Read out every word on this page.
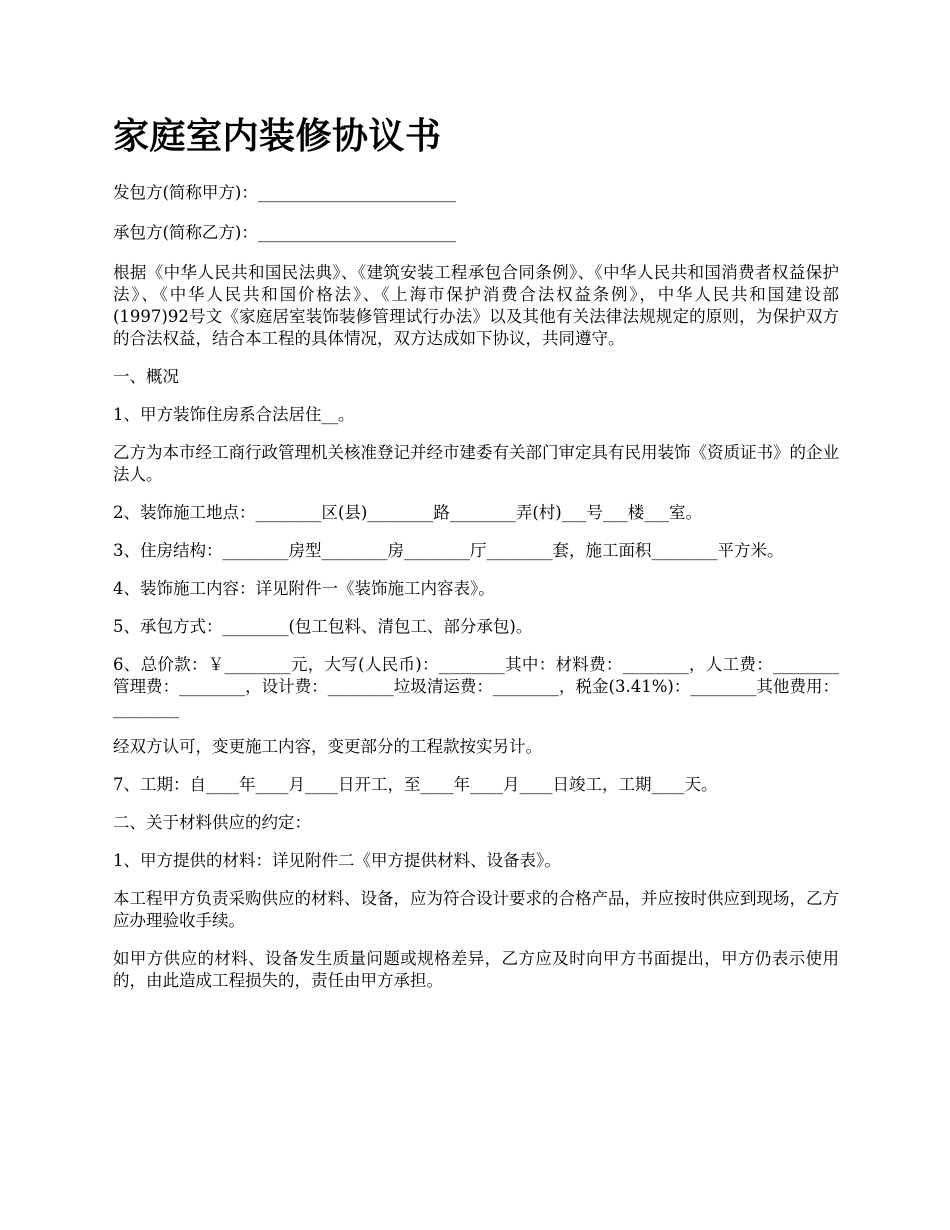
家庭室内装修协议书

发包方(简称甲方)：________________________

承包方(简称乙方)：________________________

根据《中华人民共和国民法典》、《建筑安装工程承包合同条例》、《中华人民共和国消费者权益保护法》、《中华人民共和国价格法》、《上海市保护消费合法权益条例》，中华人民共和国建设部(1997)92号文《家庭居室装饰装修管理试行办法》以及其他有关法律法规规定的原则，为保护双方的合法权益，结合本工程的具体情况，双方达成如下协议，共同遵守。

一、概况

1、甲方装饰住房系合法居住__。

乙方为本市经工商行政管理机关核准登记并经市建委有关部门审定具有民用装饰《资质证书》的企业法人。

2、装饰施工地点：________区(县)________路________弄(村)___号___楼___室。

3、住房结构：________房型________房________厅________套，施工面积________平方米。

4、装饰施工内容：详见附件一《装饰施工内容表》。

5、承包方式：________(包工包料、清包工、部分承包)。

6、总价款：￥________元，大写(人民币)：________其中：材料费：________，人工费：________管理费：________，设计费：________垃圾清运费：________，税金(3.41%)：________其他费用：________

经双方认可，变更施工内容，变更部分的工程款按实另计。

7、工期：自____年____月____日开工，至____年____月____日竣工，工期____天。

二、关于材料供应的约定：

1、甲方提供的材料：详见附件二《甲方提供材料、设备表》。

本工程甲方负责采购供应的材料、设备，应为符合设计要求的合格产品，并应按时供应到现场，乙方应办理验收手续。

如甲方供应的材料、设备发生质量问题或规格差异，乙方应及时向甲方书面提出，甲方仍表示使用的，由此造成工程损失的，责任由甲方承担。
